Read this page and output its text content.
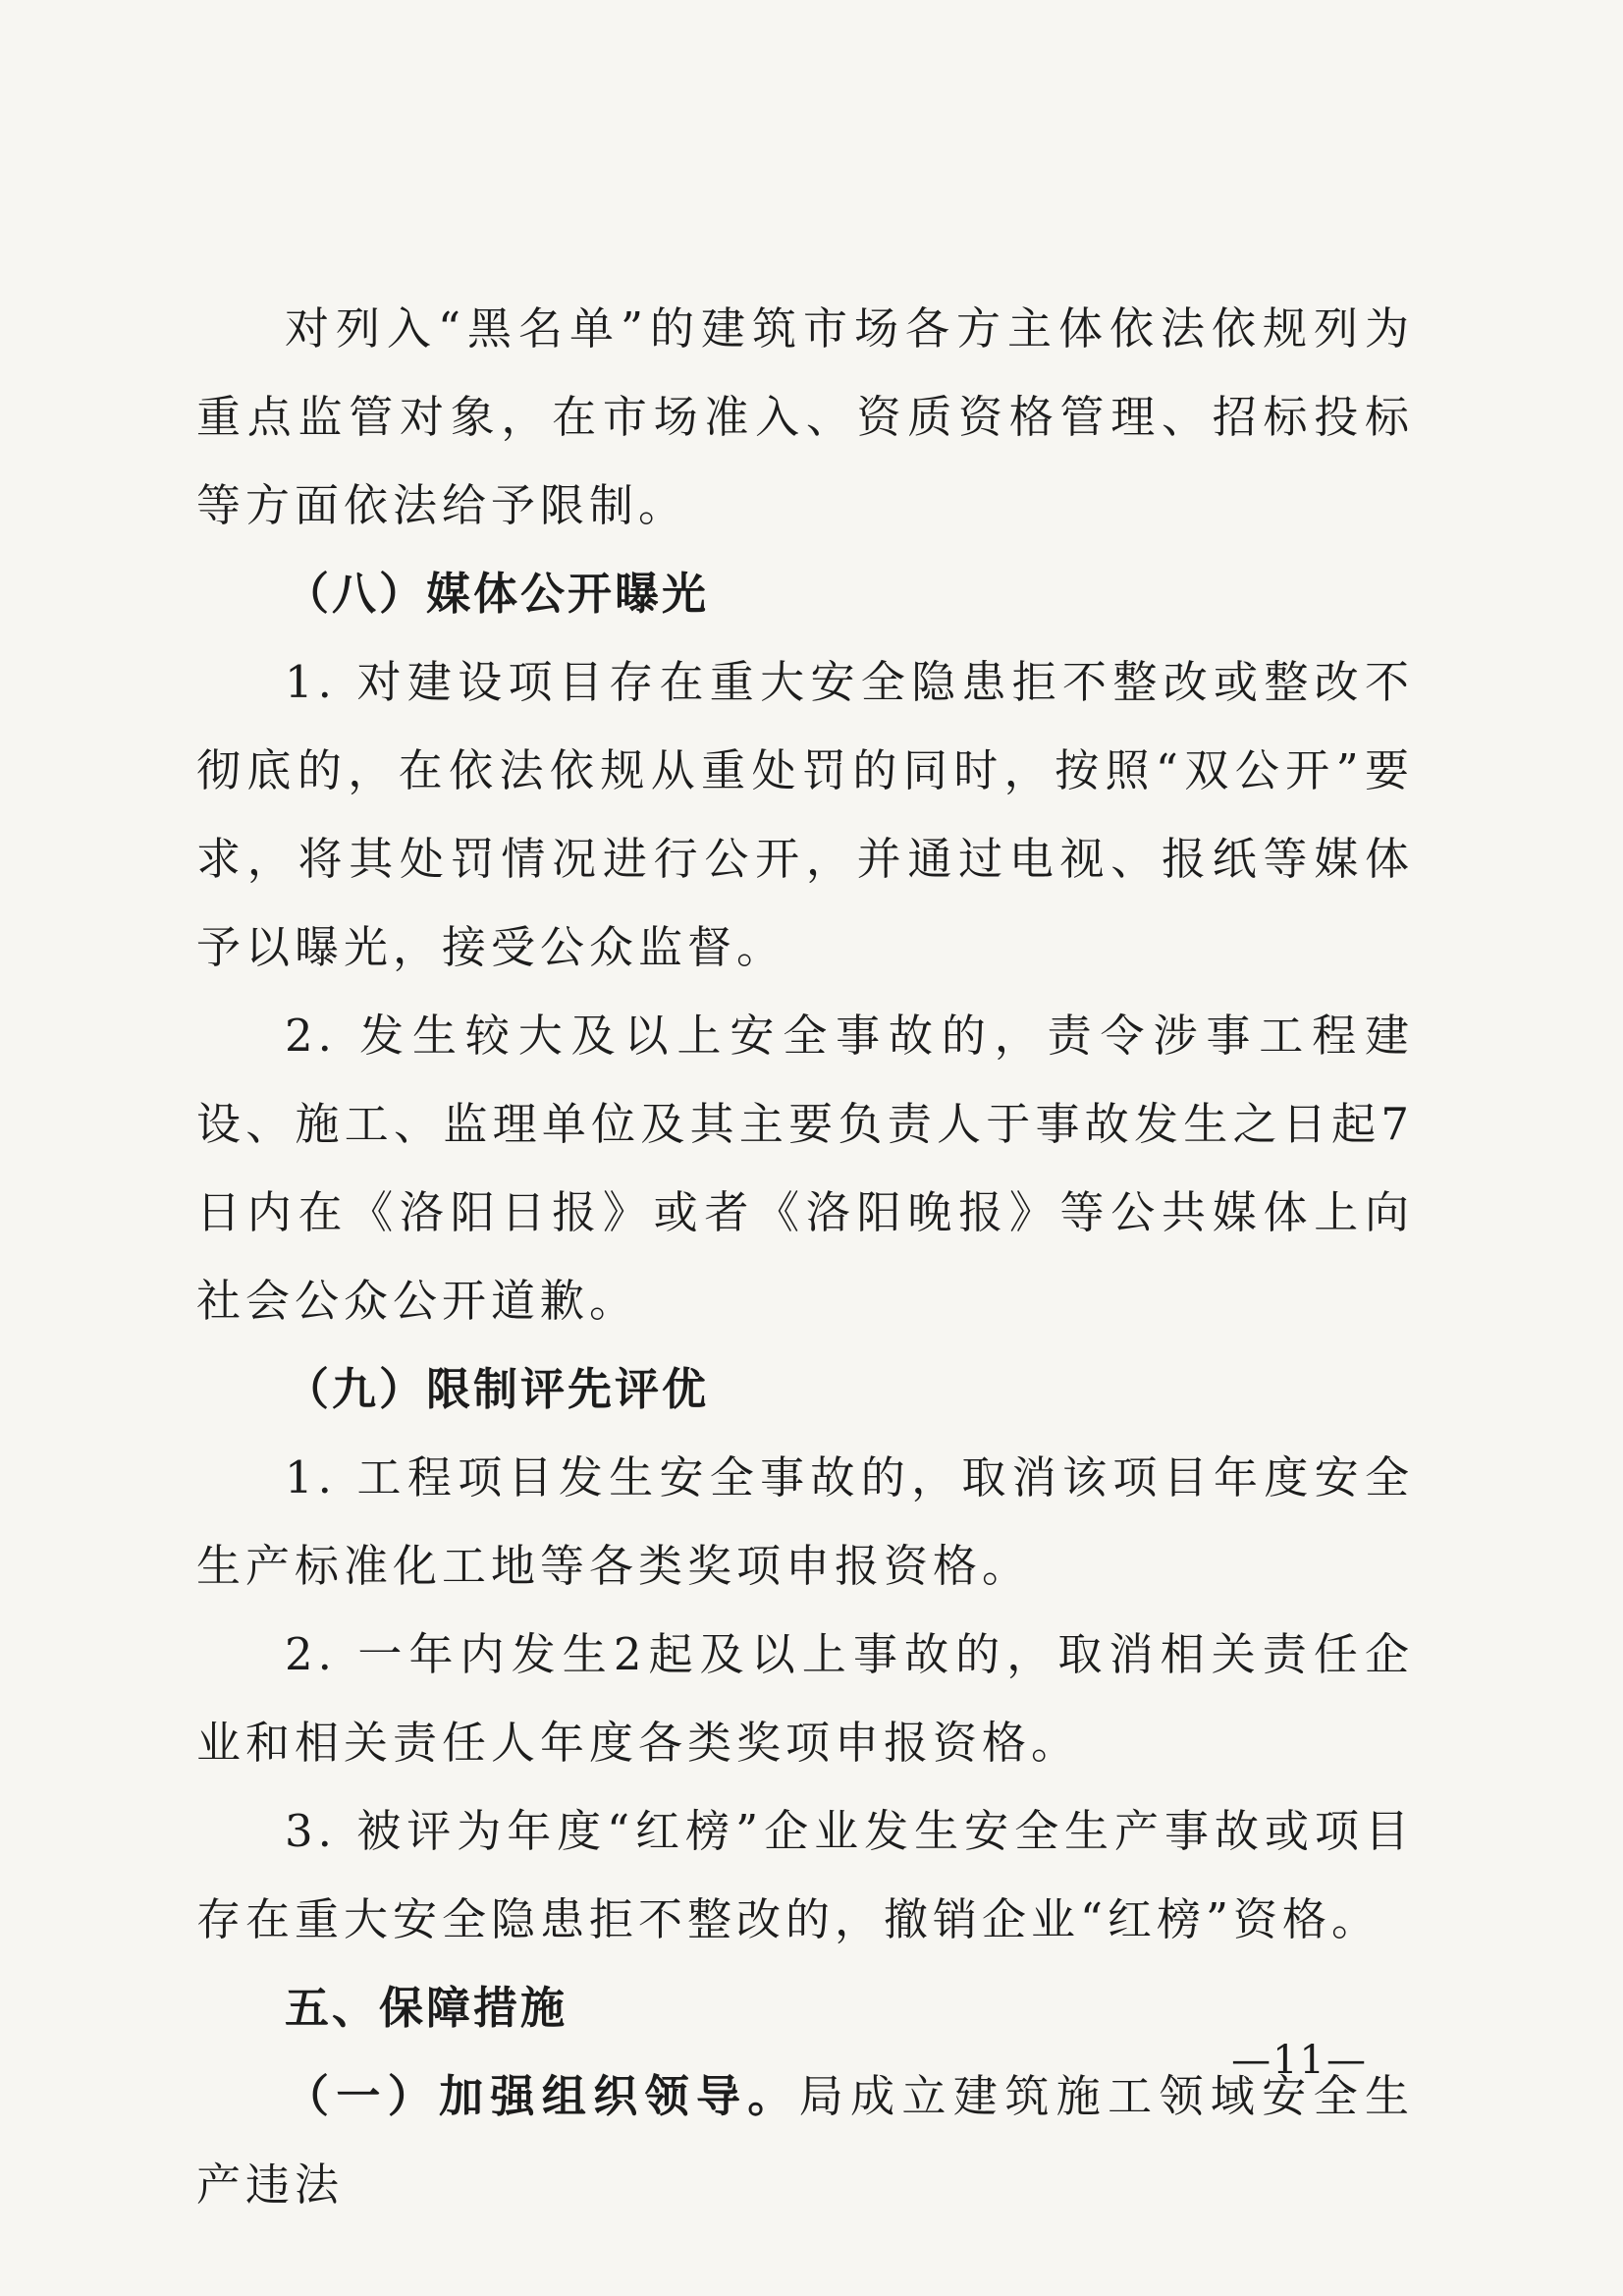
对列入“黑名单”的建筑市场各方主体依法依规列为重点监管对象，在市场准入、资质资格管理、招标投标等方面依法给予限制。

（八）媒体公开曝光

1. 对建设项目存在重大安全隐患拒不整改或整改不彻底的，在依法依规从重处罚的同时，按照“双公开”要求，将其处罚情况进行公开，并通过电视、报纸等媒体予以曝光，接受公众监督。

2. 发生较大及以上安全事故的，责令涉事工程建设、施工、监理单位及其主要负责人于事故发生之日起7日内在《洛阳日报》或者《洛阳晚报》等公共媒体上向社会公众公开道歉。

（九）限制评先评优

1. 工程项目发生安全事故的，取消该项目年度安全生产标准化工地等各类奖项申报资格。

2. 一年内发生2起及以上事故的，取消相关责任企业和相关责任人年度各类奖项申报资格。

3. 被评为年度“红榜”企业发生安全生产事故或项目存在重大安全隐患拒不整改的，撤销企业“红榜”资格。

五、保障措施

（一）加强组织领导。局成立建筑施工领域安全生产违法

—11—
